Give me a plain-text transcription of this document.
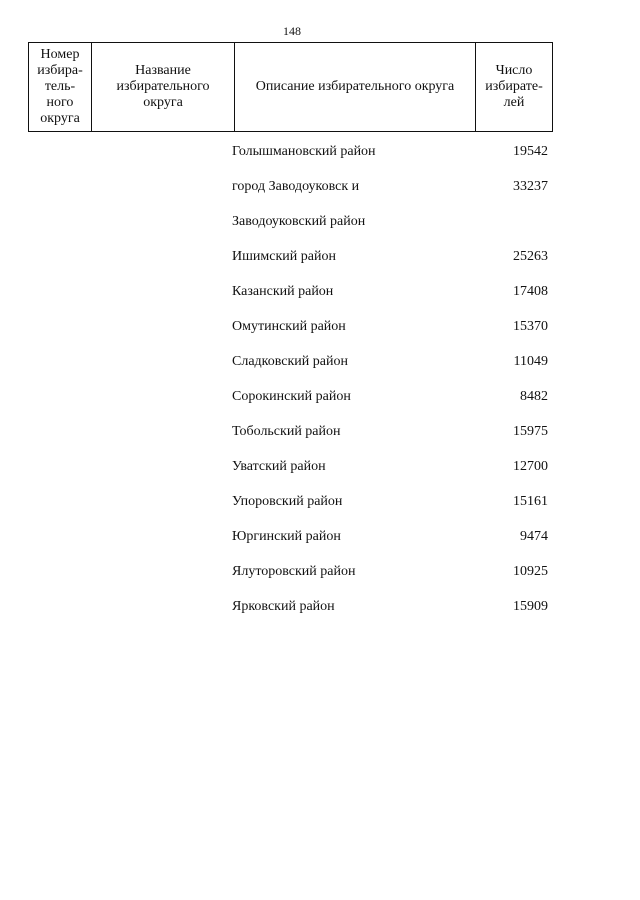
148
Номер
избира-
тель-
ного
округа	Название
избирательного
округа	Описание избирательного округа	Число
избирате-
лей
Голышмановский район	19542
город Заводоуковск и	33237
Заводоуковский район
Ишимский район	25263
Казанский район	17408
Омутинский район	15370
Сладковский район	11049
Сорокинский район	8482
Тобольский район	15975
Уватский район	12700
Упоровский район	15161
Юргинский район	9474
Ялуторовский район	10925
Ярковский район	15909
